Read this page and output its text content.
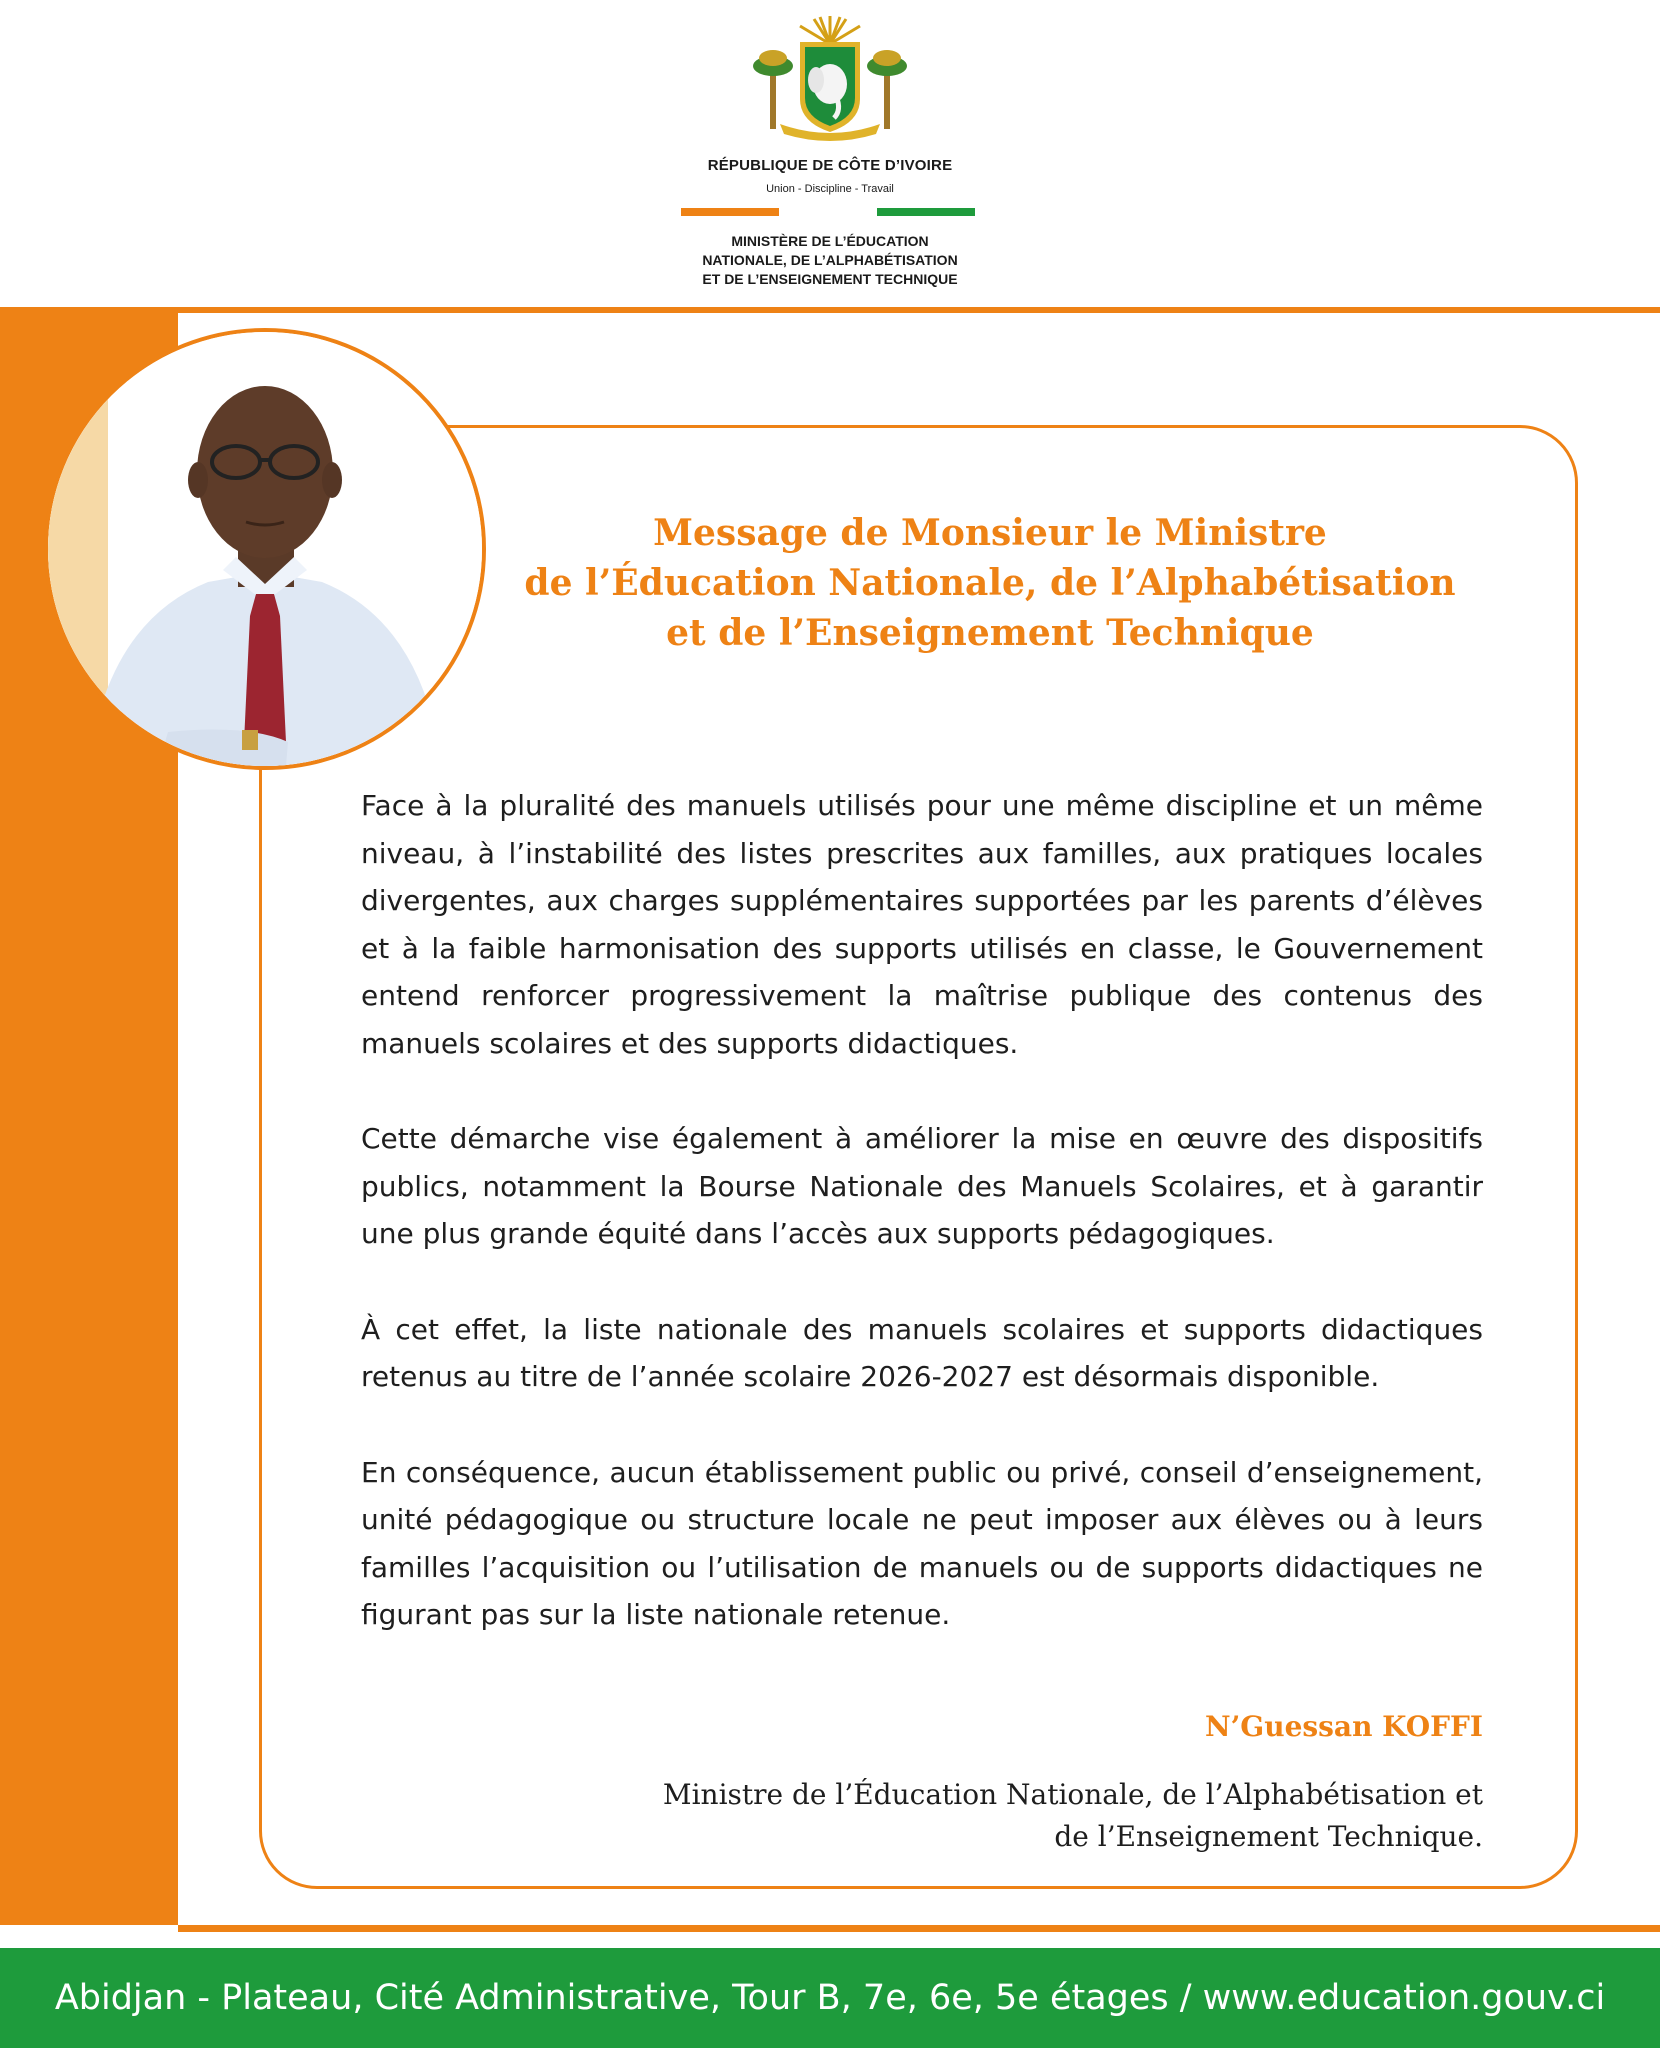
RÉPUBLIQUE DE CÔTE D’IVOIRE
Union - Discipline - Travail
MINISTÈRE DE L’ÉDUCATION
NATIONALE, DE L’ALPHABÉTISATION
ET DE L’ENSEIGNEMENT TECHNIQUE
Message de Monsieur le Ministre
de l’Éducation Nationale, de l’Alphabétisation
et de l’Enseignement Technique
Face à la pluralité des manuels utilisés pour une même discipline et un même niveau, à l’instabilité des listes prescrites aux familles, aux pratiques locales divergentes, aux charges supplémentaires supportées par les parents d’élèves et à la faible harmonisation des supports utilisés en classe, le Gouvernement entend renforcer progressivement la maîtrise publique des contenus des manuels scolaires et des supports didactiques.
Cette démarche vise également à améliorer la mise en œuvre des dispositifs publics, notamment la Bourse Nationale des Manuels Scolaires, et à garantir une plus grande équité dans l’accès aux supports pédagogiques.
À cet effet, la liste nationale des manuels scolaires et supports didactiques retenus au titre de l’année scolaire 2026-2027 est désormais disponible.
En conséquence, aucun établissement public ou privé, conseil d’enseignement, unité pédagogique ou structure locale ne peut imposer aux élèves ou à leurs familles l’acquisition ou l’utilisation de manuels ou de supports didactiques ne figurant pas sur la liste nationale retenue.
N’Guessan KOFFI
Ministre de l’Éducation Nationale, de l’Alphabétisation et
de l’Enseignement Technique.
Abidjan - Plateau, Cité Administrative, Tour B, 7e, 6e, 5e étages / www.education.gouv.ci
